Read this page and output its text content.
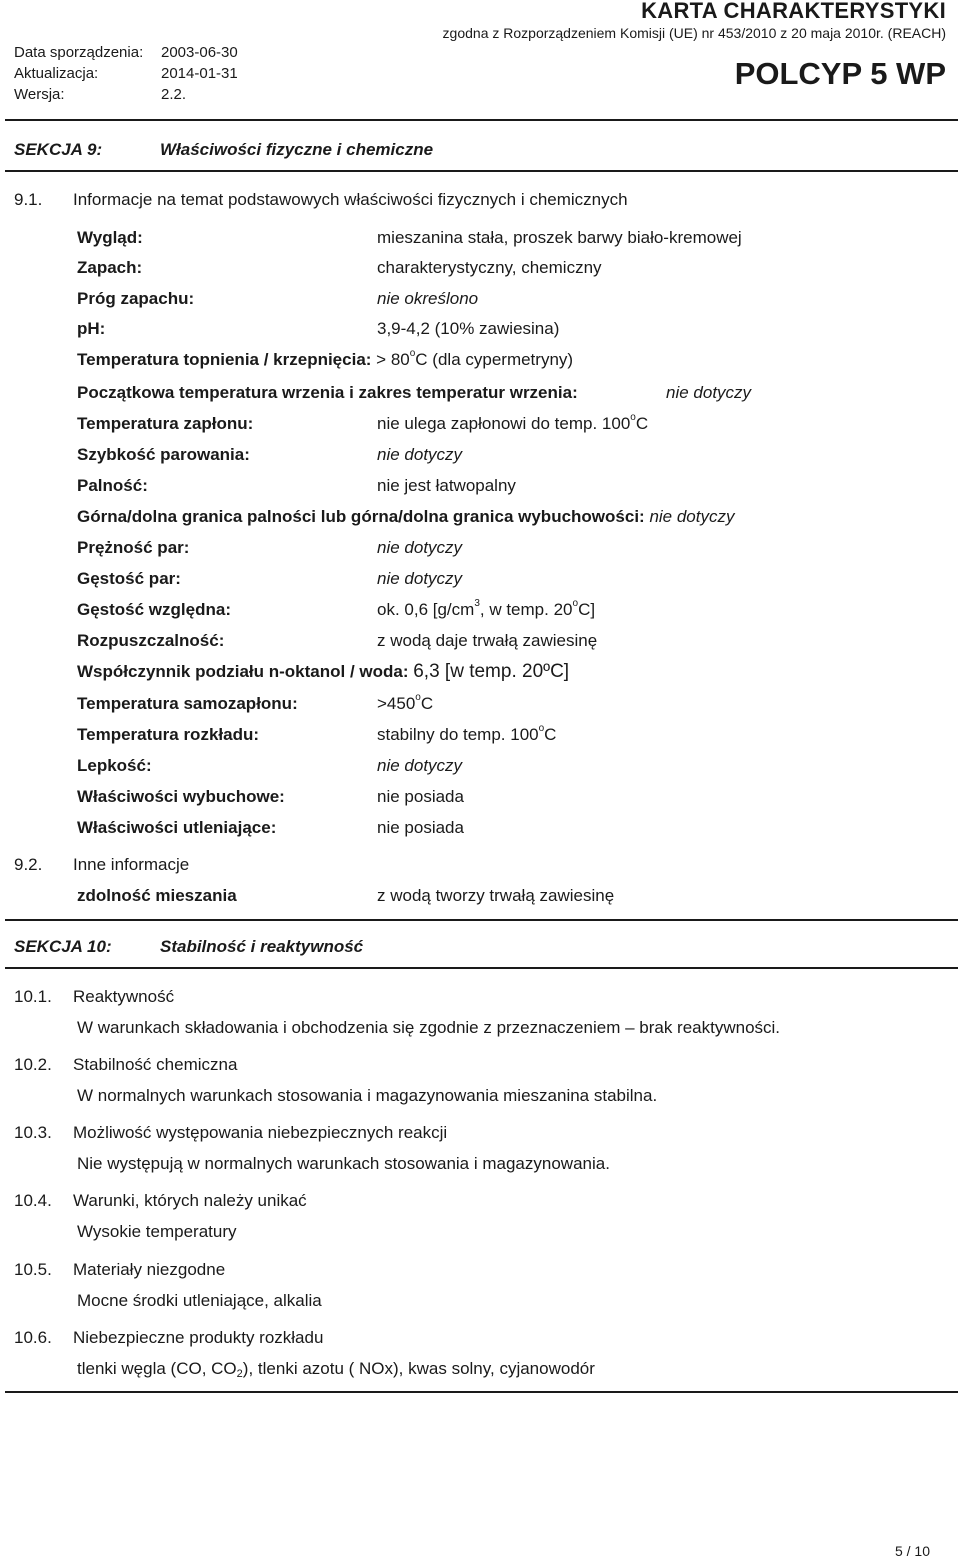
Data sporządzenia: 2003-06-30
Aktualizacja:	2014-01-31
Wersja:	2.2.
KARTA CHARAKTERYSTYKI
zgodna z Rozporządzeniem Komisji (UE) nr 453/2010 z 20 maja 2010r. (REACH)
POLCYP 5 WP
SEKCJA 9:	Właściwości fizyczne i chemiczne
9.1. Informacje na temat podstawowych właściwości fizycznych i chemicznych
Wygląd:	mieszanina stała, proszek barwy biało-kremowej
Zapach:	charakterystyczny, chemiczny
Próg zapachu:	nie określono
pH:	3,9-4,2 (10% zawiesina)
Temperatura topnienia / krzepnięcia: > $80^oC$ (dla cypermetryny)
Początkowa temperatura wrzenia i zakres temperatur wrzenia:	nie dotyczy
Temperatura zapłonu:	nie ulega zapłonowi do temp. 100$^o$C
Szybkość parowania:	nie dotyczy
Palność:	nie jest łatwopalny
Górna/dolna granica palności lub górna/dolna granica wybuchowości: nie dotyczy
Prężność par:	nie dotyczy
Gęstość par:	nie dotyczy
Gęstość względna:	ok. 0,6 [$g/cm^3$, w temp. 20$^o$C]
Rozpuszczalność:	z wodą daje trwałą zawiesinę
Współczynnik podziału n-oktanol / woda: 6,3 [w temp. 20ºC]
Temperatura samozapłonu:	$>450^oC$
Temperatura rozkładu:	stabilny do temp. 100$^o$C
Lepkość:	nie dotyczy
Właściwości wybuchowe:	nie posiada
Właściwości utleniające:	nie posiada
9.2. Inne informacje
zdolność mieszania	z wodą tworzy trwałą zawiesinę
SEKCJA 10:	Stabilność i reaktywność
10.1. Reaktywność
W warunkach składowania i obchodzenia się zgodnie z przeznaczeniem – brak reaktywności.
10.2. Stabilność chemiczna
W normalnych warunkach stosowania i magazynowania mieszanina stabilna.
10.3. Możliwość występowania niebezpiecznych reakcji
Nie występują w normalnych warunkach stosowania i magazynowania.
10.4. Warunki, których należy unikać
Wysokie temperatury
10.5. Materiały niezgodne
Mocne środki utleniające, alkalia
10.6. Niebezpieczne produkty rozkładu
tlenki węgla (CO, $CO_2$), tlenki azotu ( NOx), kwas solny, cyjanowodór
5 / 10
